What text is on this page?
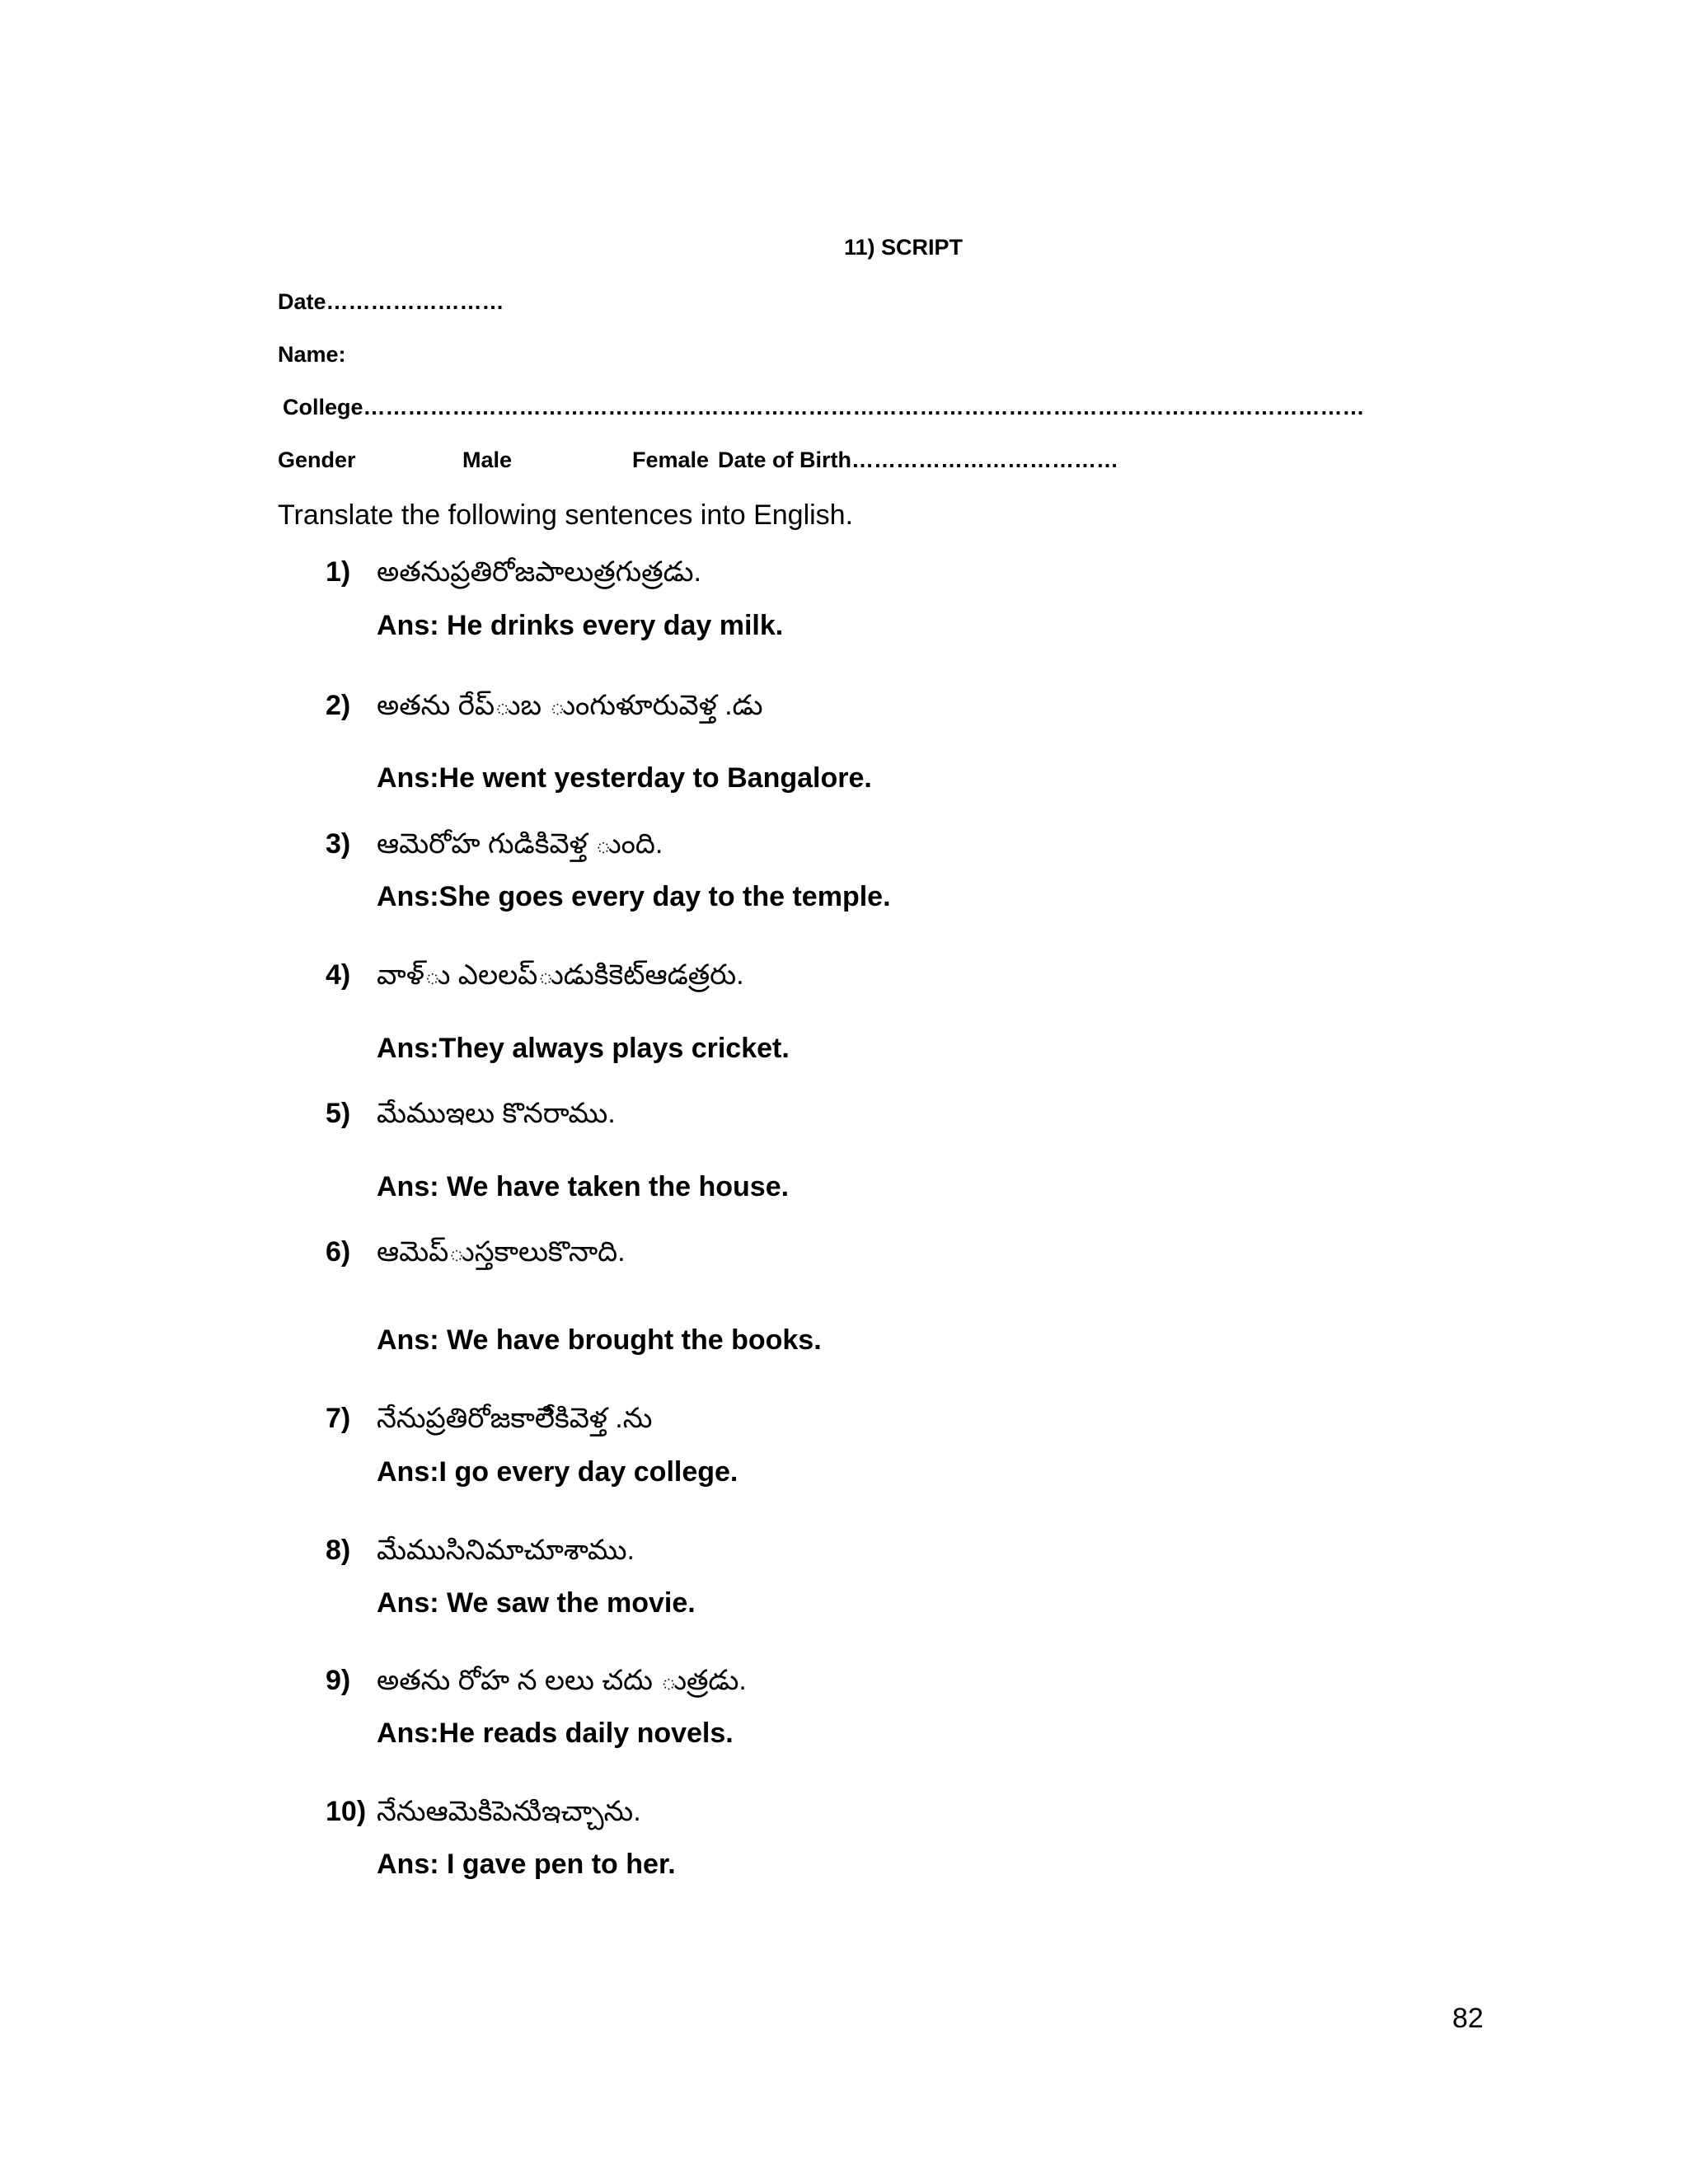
11) SCRIPT
Date……………………
Name:
College………………………………………………………………………………………………………………………
Gender	Male	Female Date of Birth………………………………
Translate the following sentences into English.
1) అతనుప్రతిరోజపాలుత్రగుత్రడు.
Ans: He drinks every day milk.
2) అతను రేప్ుబ ుంగుళూరువెళ్త .డు
Ans:He went yesterday to Bangalore.
3) ఆమెరోహ గుడికివెళ్త ుంది.
Ans:She goes every day to the temple.
4) వాళ్ు ఎలలప్ుడుకిికెట్ఆడత్రరు.
Ans:They always plays cricket.
5) మేముఇలు కొనరాము.
Ans: We have taken the house.
6) ఆమెప్ుస్తకాలుకొనాది.
Ans: We have brought the books.
7) నేనుప్రతిరోజకాలేికివెళ్త .ను
Ans:I go every day college.
8) మేముసినిమాచూశాము.
Ans: We saw the movie.
9) అతను రోహ న లలు చదు ుత్రడు.
Ans:He reads daily novels.
10) నేనుఆమెకిపెనుిఇచ్చాను.
Ans: I gave pen to her.
82
